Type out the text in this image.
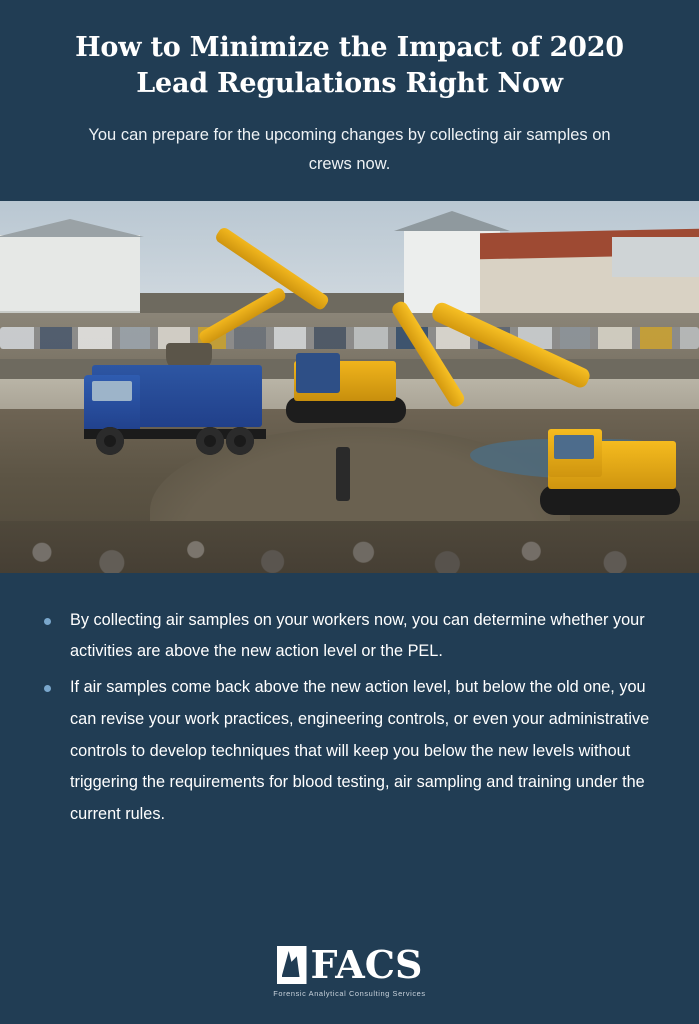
How to Minimize the Impact of 2020 Lead Regulations Right Now

You can prepare for the upcoming changes by collecting air samples on crews now.

By collecting air samples on your workers now, you can determine whether your activities are above the new action level or the PEL.
If air samples come back above the new action level, but below the old one, you can revise your work practices, engineering controls, or even your administrative controls to develop techniques that will keep you below the new levels without triggering the requirements for blood testing, air sampling and training under the current rules.
FACS
Forensic Analytical Consulting Services
